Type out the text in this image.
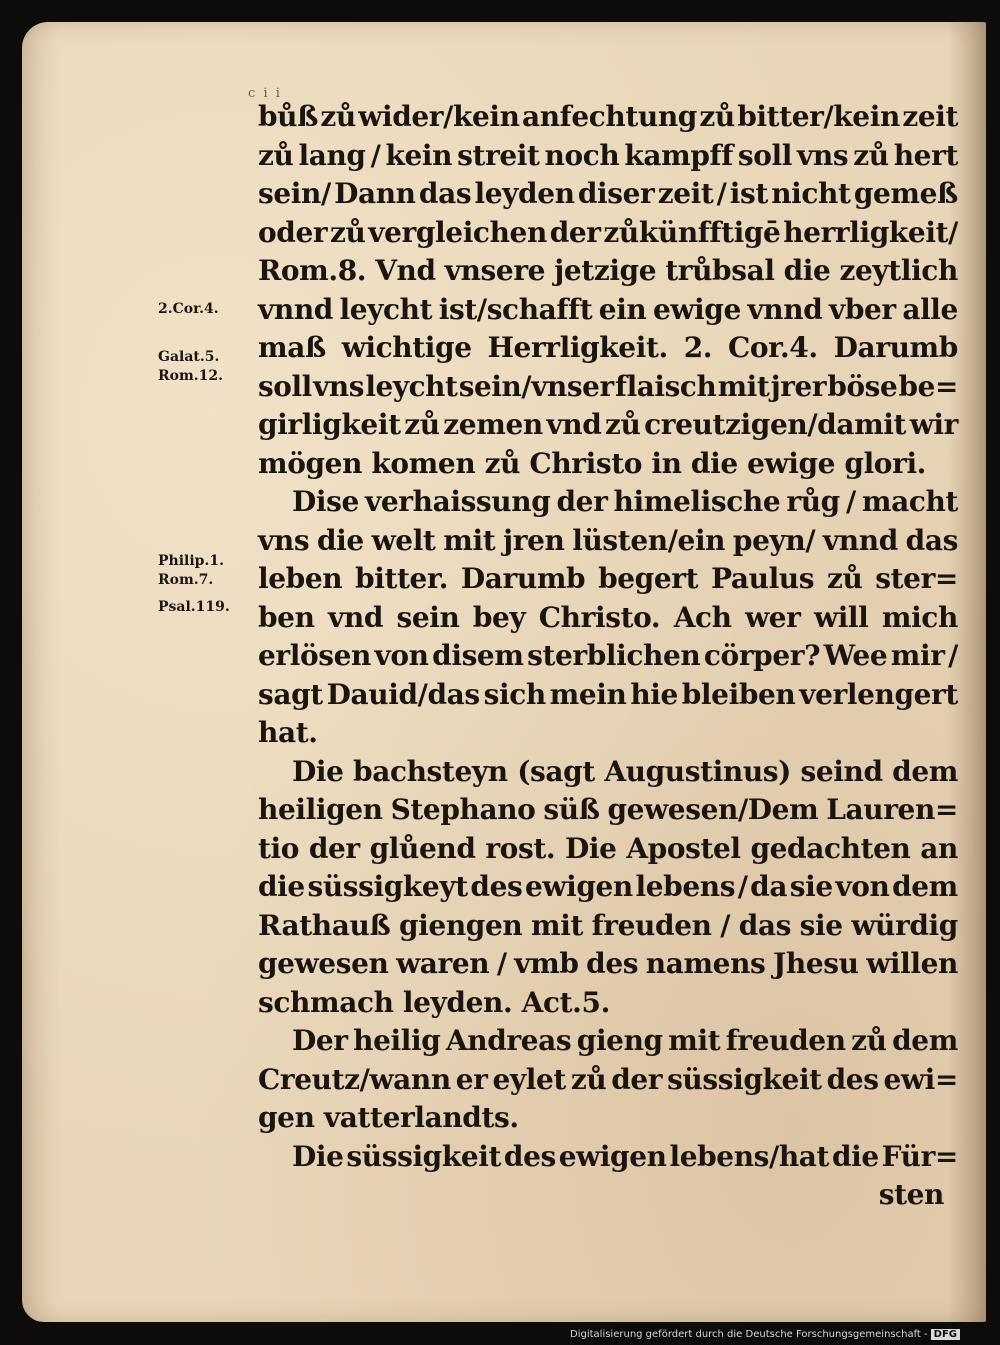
c i i
bůß zů wider/kein anfechtung zů bitter/kein zeit
zů lang / kein streit noch kampff soll vns zů hert
sein/ Dann das leyden diser zeit / ist nicht gemeß
oder zů vergleichen der zůkünfftigē herrligkeit/
Rom.8. Vnd vnsere jetzige trůbsal die zeytlich
vnnd leycht ist/schafft ein ewige vnnd vber alle
maß wichtige Herrligkeit. 2. Cor.4. Darumb
soll vns leycht sein/vnser flaisch mit jrer böse be=
girligkeit zů zemen vnd zů creutzigen/damit wir
mögen komen zů Christo in die ewige glori.
Dise verhaissung der himelische růg / macht
vns die welt mit jren lüsten/ein peyn/ vnnd das
leben bitter. Darumb begert Paulus zů ster=
ben vnd sein bey Christo. Ach wer will mich
erlösen von disem sterblichen cörper? Wee mir /
sagt Dauid/das sich mein hie bleiben verlengert
hat.
Die bachsteyn (sagt Augustinus) seind dem
heiligen Stephano süß gewesen/Dem Lauren=
tio der glůend rost. Die Apostel gedachten an
die süssigkeyt des ewigen lebens / da sie von dem
Rathauß giengen mit freuden / das sie würdig
gewesen waren / vmb des namens Jhesu willen
schmach leyden. Act.5.
Der heilig Andreas gieng mit freuden zů dem
Creutz/wann er eylet zů der süssigkeit des ewi=
gen vatterlandts.
Die süssigkeit des ewigen lebens/hat die Für=
sten
2.Cor.4.
Galat.5.
Rom.12.
Philip.1.
Rom.7.
Psal.119.
Digitalisierung gefördert durch die Deutsche Forschungsgemeinschaft - DFG
